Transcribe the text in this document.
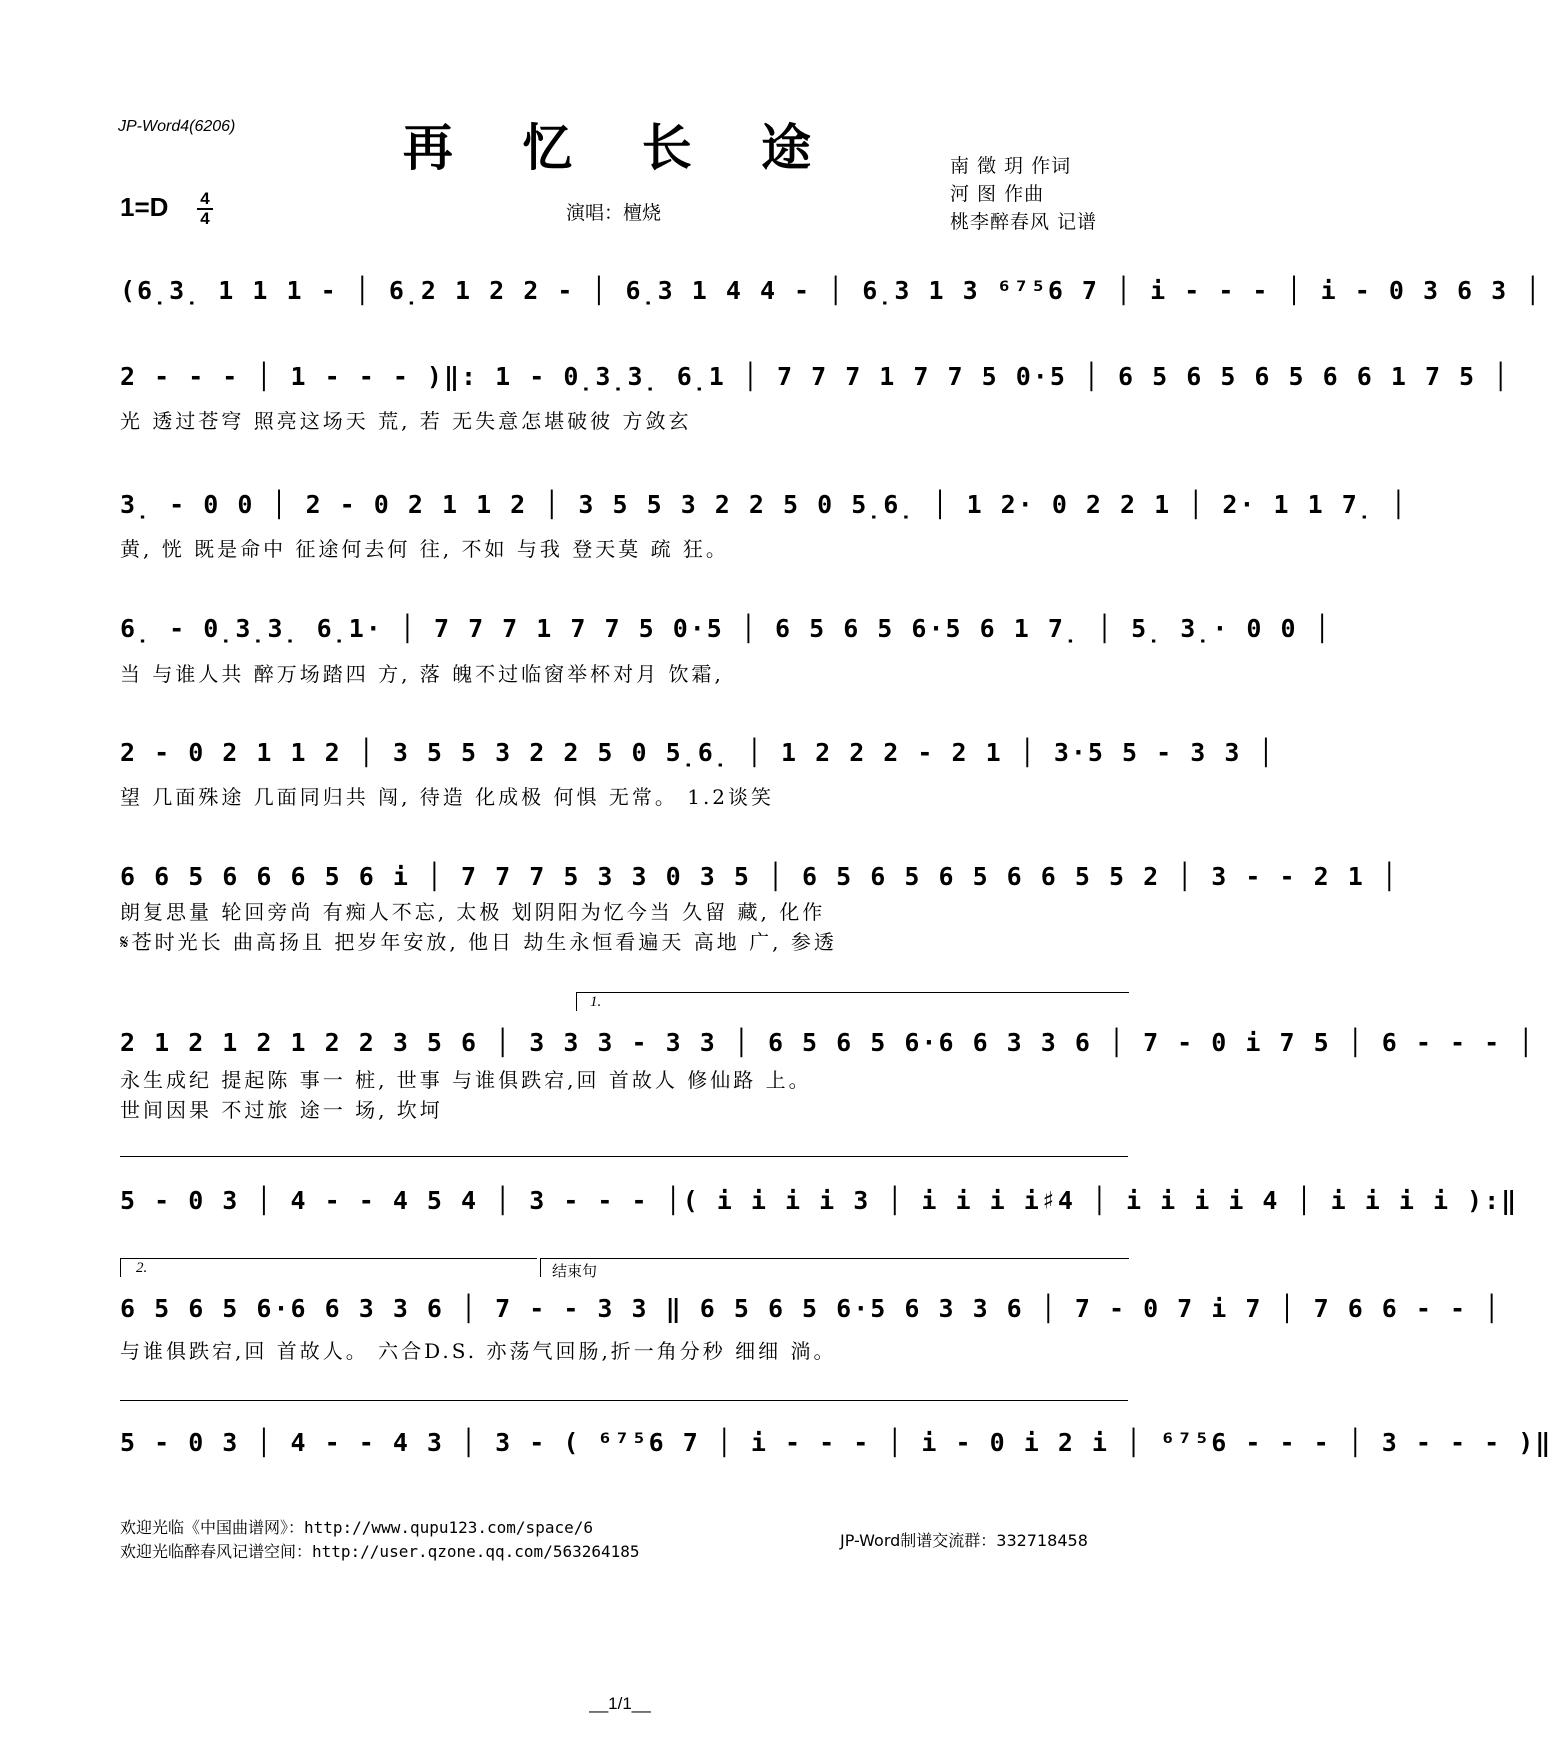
JP-Word4(6206)	再 忆 长 途
1=D	4
4	演唱：檀烧
南 徵 玥 作词
河 图 作曲
桃李醉春风 记谱
(6̣3̣ 1 1 1 - │ 6̣2 1 2 2 - │ 6̣3 1 4 4 - │ 6̣3 1 3 ⁶⁷⁵6 7 │ i - - - │ i - 0 3 6 3 │
2 - - - │ 1 - - - )‖: 1 - 0̣3̣3̣ 6̣1 │ 7 7 7 1 7 7 5 0·5 │ 6 5 6 5 6 5 6 6 1 7 5 │
光 透过苍穹 照亮这场天 荒, 若 无失意怎堪破彼 方敛玄
3̣ - 0 0 │ 2 - 0 2 1 1 2 │ 3 5 5 3 2 2 5 0 5̣6̣ │ 1 2· 0 2 2 1 │ 2· 1 1 7̣ │
黄, 恍 既是命中 征途何去何 往, 不如 与我 登天莫 疏 狂。
6̣ - 0̣3̣3̣ 6̣1· │ 7 7 7 1 7 7 5 0·5 │ 6 5 6 5 6·5 6 1 7̣ │ 5̣ 3̣· 0 0 │
当 与谁人共 醉万场踏四 方, 落 魄不过临窗举杯对月 饮霜,
2 - 0 2 1 1 2 │ 3 5 5 3 2 2 5 0 5̣6̣ │ 1 2 2 2 - 2 1 │ 3·5 5 - 3 3 │
望 几面殊途 几面同归共 闯, 待造 化成极 何惧 无常。 1.2谈笑
6 6 5 6 6 6 5 6 i │ 7 7 7 5 3 3 0 3 5 │ 6 5 6 5 6 5 6 6 5 5 2 │ 3 - - 2 1 │
朗复思量 轮回旁尚 有痴人不忘, 太极 划阴阳为忆今当 久留 藏, 化作
𝄋苍时光长 曲高扬且 把岁年安放, 他日 劫生永恒看遍天 高地 广, 参透
1.
2 1 2 1 2 1 2 2 3 5 6 │ 3 3 3 - 3 3 │ 6 5 6 5 6·6 6 3 3 6 │ 7 - 0 i 7 5 │ 6 - - - │
永生成纪 提起陈 事一 桩, 世事 与谁俱跌宕,回 首故人 修仙路 上。
世间因果 不过旅 途一 场, 坎坷
5 - 0 3 │ 4 - - 4 5 4 │ 3 - - - │( i i i i 3 │ i i i i♯4 │ i i i i 4 │ i i i i ):‖
2.	结束句
6 5 6 5 6·6 6 3 3 6 │ 7 - - 3 3 ‖ 6 5 6 5 6·5 6 3 3 6 │ 7 - 0 7 i 7 │ 7 6 6 - - │
与谁俱跌宕,回 首故人。 六合D.S. 亦荡气回肠,折一角分秒 细细 淌。
5 - 0 3 │ 4 - - 4 3 │ 3 - ( ⁶⁷⁵6 7 │ i - - - │ i - 0 i 2 i │ ⁶⁷⁵6 - - - │ 3 - - - )‖
欢迎光临《中国曲谱网》：http://www.qupu123.com/space/6
欢迎光临醉春风记谱空间：http://user.qzone.qq.com/563264185
JP-Word制谱交流群：332718458
__1/1__
